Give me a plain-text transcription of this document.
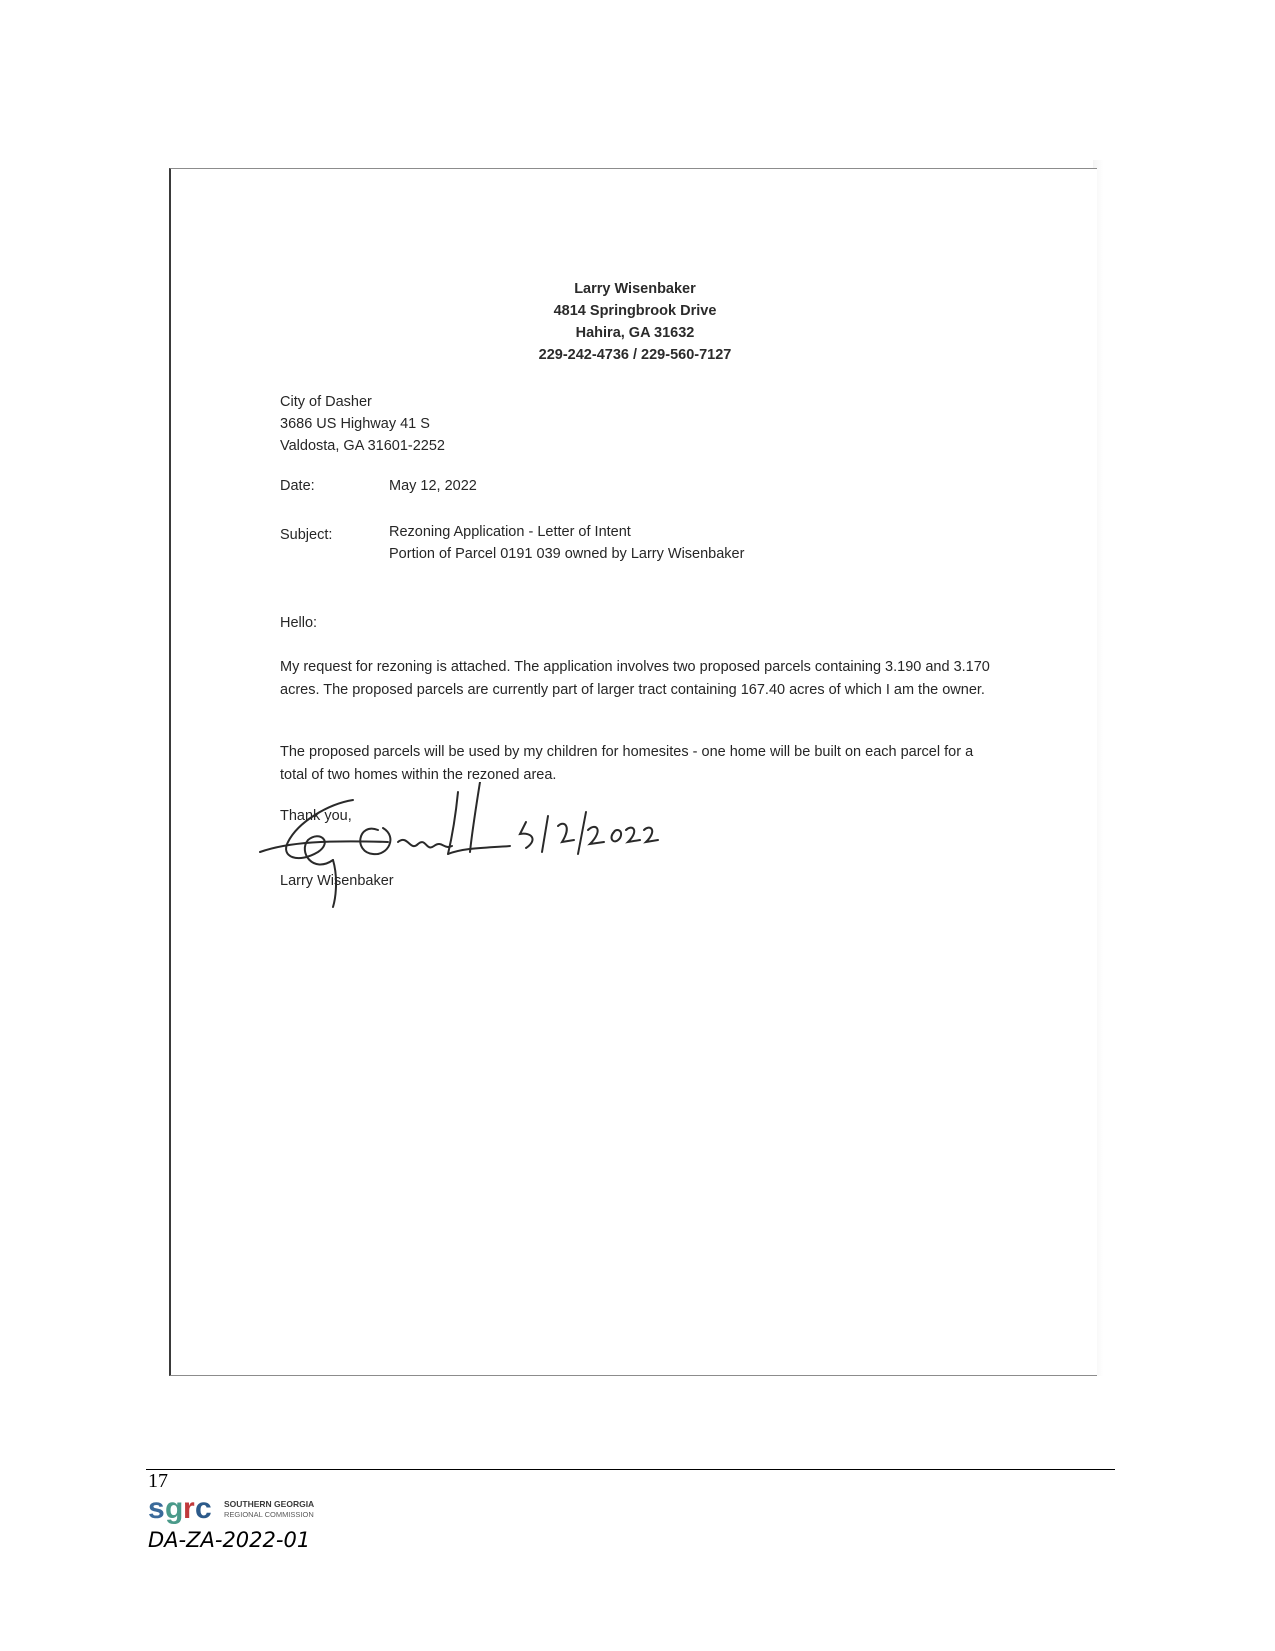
Larry Wisenbaker
4814 Springbrook Drive
Hahira, GA 31632
229-242-4736 / 229-560-7127
City of Dasher
3686 US Highway 41 S
Valdosta, GA 31601-2252
Date:	May 12, 2022
Subject:	Rezoning Application - Letter of Intent
Portion of Parcel 0191 039 owned by Larry Wisenbaker
Hello:
My request for rezoning is attached. The application involves two proposed parcels containing 3.190 and 3.170 acres. The proposed parcels are currently part of larger tract containing 167.40 acres of which I am the owner.
The proposed parcels will be used by my children for homesites - one home will be built on each parcel for a total of two homes within the rezoned area.
Thank you,
Larry Wisenbaker
17
s g r c SOUTHERN GEORGIA
REGIONAL COMMISSION
DA-ZA-2022-01
